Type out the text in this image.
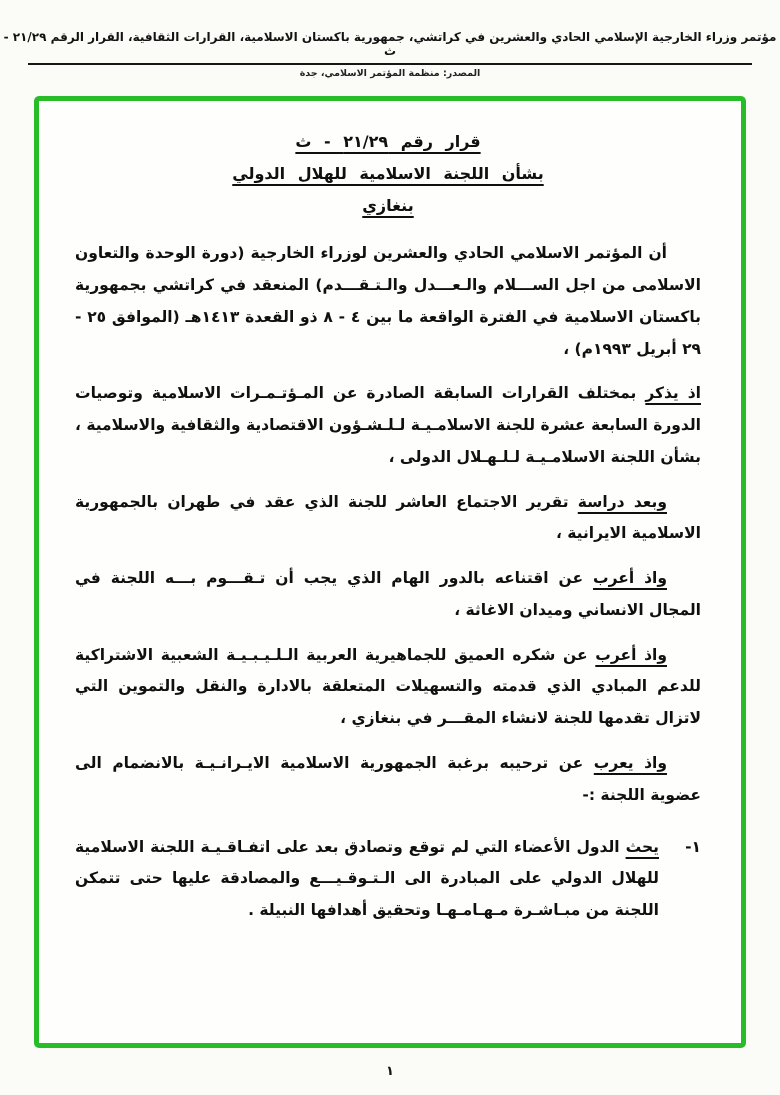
مؤتمر وزراء الخارجية الإسلامي الحادي والعشرين في كراتشي، جمهورية باكستان الاسلامية، القرارات الثقافية، القرار الرقم ٢١/٢٩ - ث
المصدر: منظمة المؤتمر الاسلامي، جدة
قرار رقم ٢١/٢٩ - ث
بشأن اللجنة الاسلامية للهلال الدولي
بنغازي

أن المؤتمر الاسلامي الحادي والعشرين لوزراء الخارجية (دورة الوحدة والتعاون الاسلامى من اجل الســـلام والـعـــدل والـتـقـــدم) المنعقد في كراتشي بجمهورية باكستان الاسلامية في الفترة الواقعة ما بين ٤ - ٨ ذو القعدة ١٤١٣هـ (الموافق ٢٥ - ٢٩ أبريل ١٩٩٣م) ،

اذ يذكر بمختلف القرارات السابقة الصادرة عن المـؤتـمـرات الاسلامية وتوصيات الدورة السابعة عشرة للجنة الاسلامـيـة لـلـشـؤون الاقتصادية والثقافية والاسلامية ، بشأن اللجنة الاسلامـيـة لـلـهـلال الدولى ،

وبعد دراسة تقرير الاجتماع العاشر للجنة الذي عقد في طهران بالجمهورية الاسلامية الايرانية ،

واذ أعرب عن اقتناعه بالدور الهام الذي يجب أن تـقـــوم بـــه اللجنة في المجال الانساني وميدان الاغاثة ،

واذ أعرب عن شكره العميق للجماهيرية العربية الـلـيـبـيـة الشعبية الاشتراكية للدعم المبادي الذي قدمته والتسهيلات المتعلقة بالادارة والنقل والتموين التي لاتزال تقدمها للجنة لانشاء المقـــر في بنغازي ،

واذ يعرب عن ترحيبه برغبة الجمهورية الاسلامية الايـرانـيـة بالانضمام الى عضوية اللجنة :-

١-

يحث الدول الأعضاء التي لم توقع وتصادق بعد على اتفـاقـيـة اللجنة الاسلامية للهلال الدولي على المبادرة الى الـتـوقـيـــع والمصادقة عليها حتى تتمكن اللجنة من مبـاشـرة مـهـامـهـا وتحقيق أهدافها النبيلة .

١
